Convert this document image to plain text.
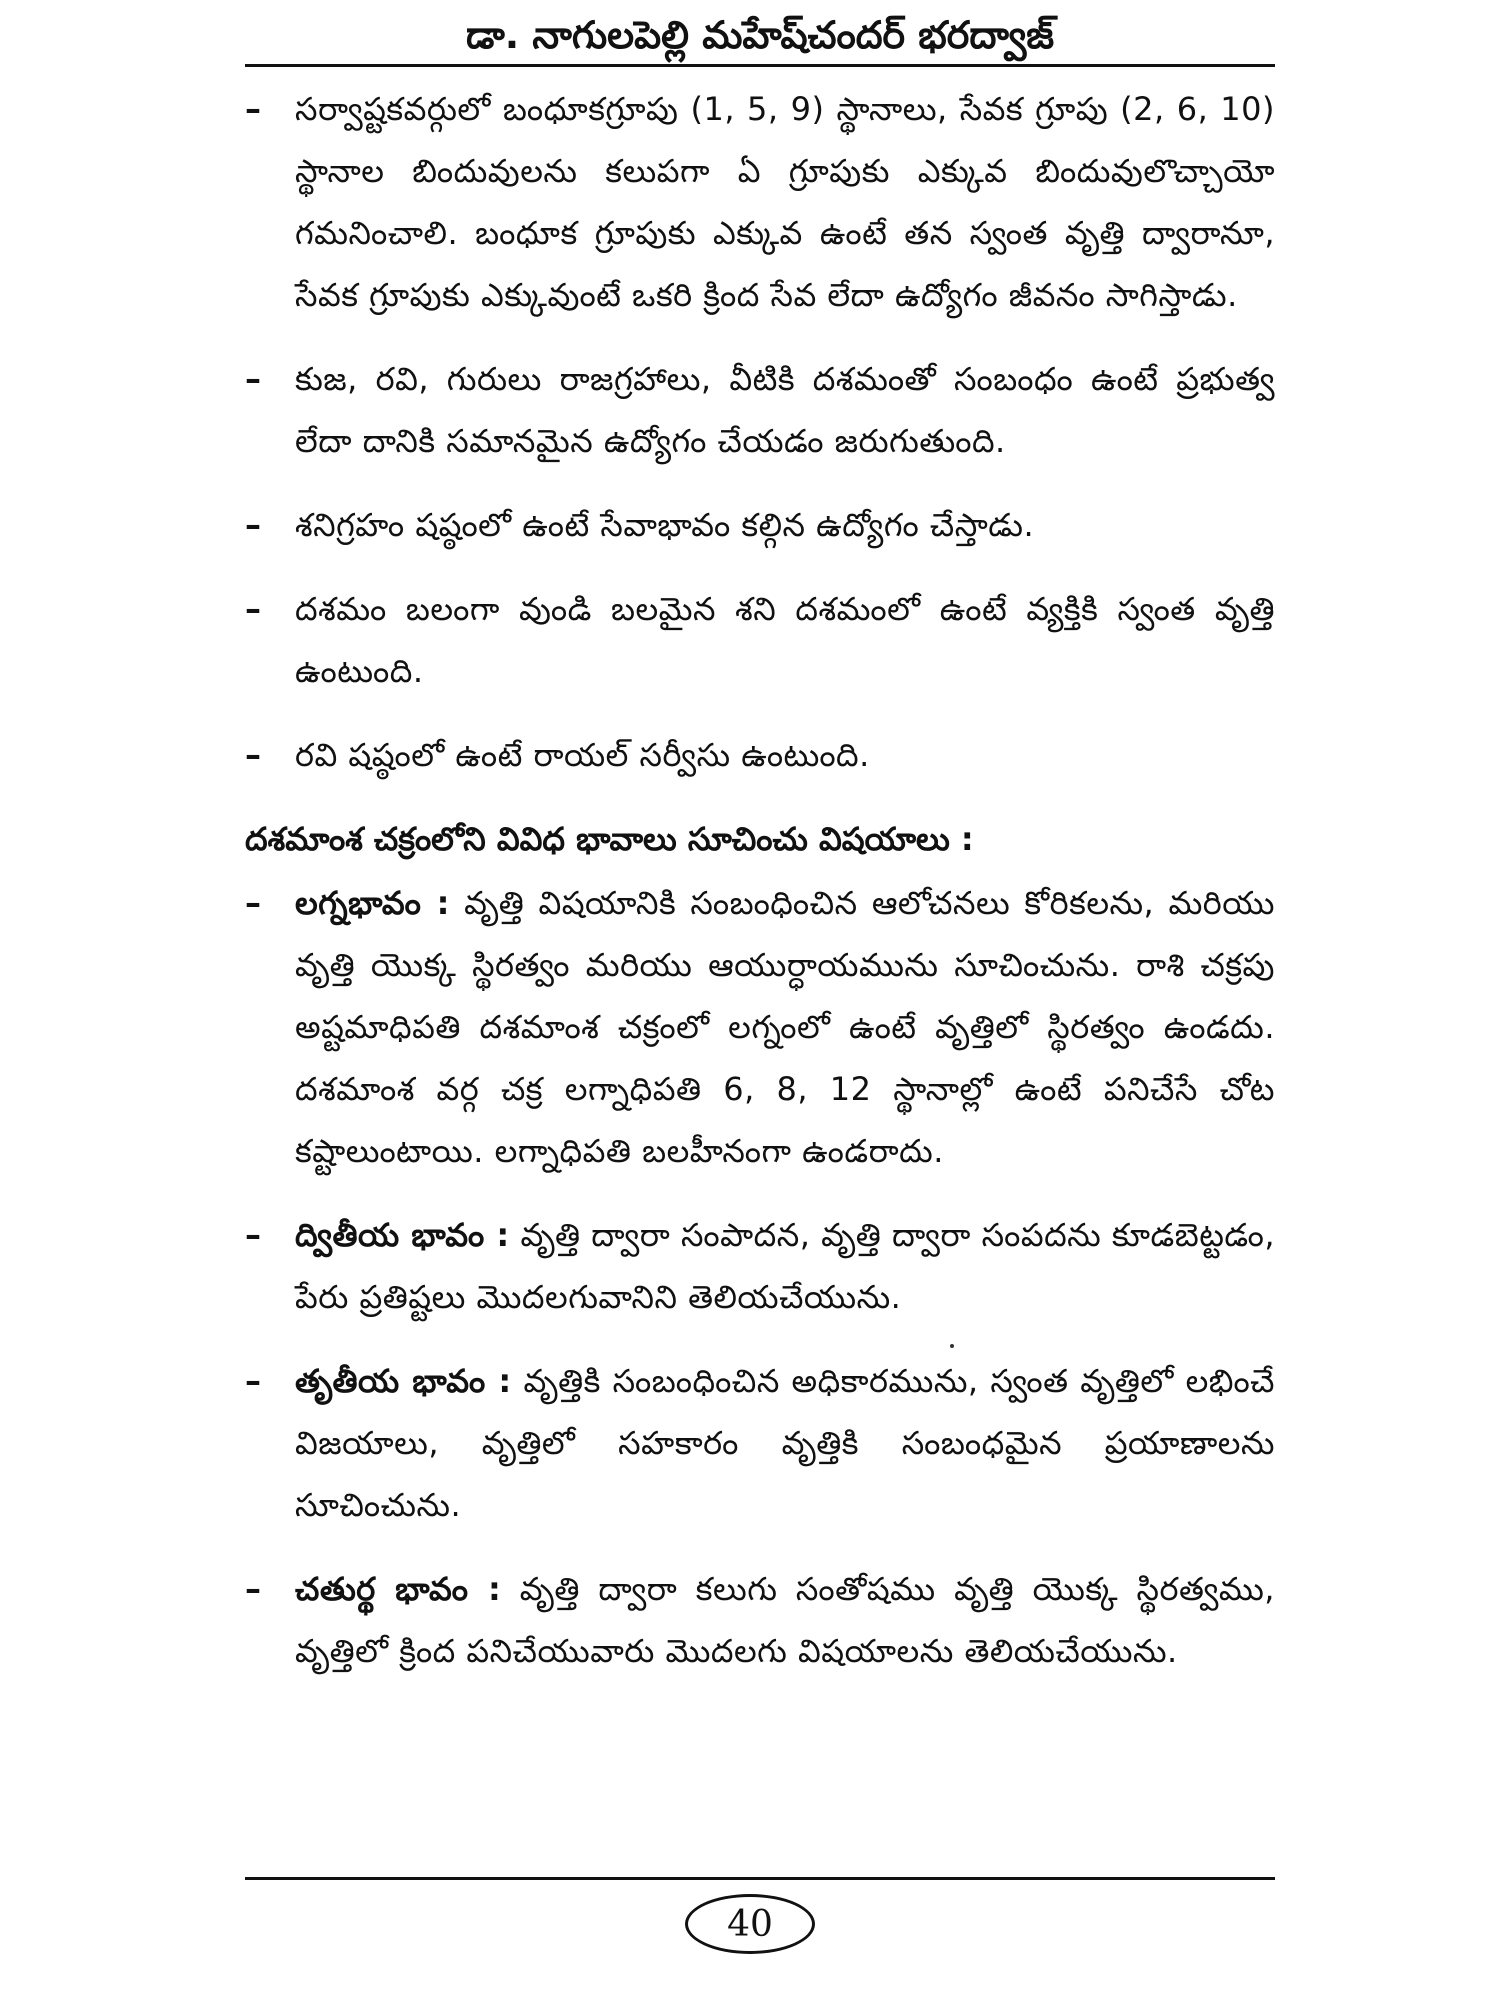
డా. నాగులపెల్లి మహేష్‌చందర్ భరద్వాజ్
– సర్వాష్టకవర్గులో బంధూకగ్రూపు (1, 5, 9) స్థానాలు, సేవక గ్రూపు (2, 6, 10) స్థానాల బిందువులను కలుపగా ఏ గ్రూపుకు ఎక్కువ బిందువులొచ్చాయో గమనించాలి. బంధూక గ్రూపుకు ఎక్కువ ఉంటే తన స్వంత వృత్తి ద్వారానూ, సేవక గ్రూపుకు ఎక్కువుంటే ఒకరి క్రింద సేవ లేదా ఉద్యోగం జీవనం సాగిస్తాడు.
– కుజ, రవి, గురులు రాజగ్రహాలు, వీటికి దశమంతో సంబంధం ఉంటే ప్రభుత్వ లేదా దానికి సమానమైన ఉద్యోగం చేయడం జరుగుతుంది.
– శనిగ్రహం షష్ఠంలో ఉంటే సేవాభావం కల్గిన ఉద్యోగం చేస్తాడు.
– దశమం బలంగా వుండి బలమైన శని దశమంలో ఉంటే వ్యక్తికి స్వంత వృత్తి ఉంటుంది.
– రవి షష్ఠంలో ఉంటే రాయల్ సర్వీసు ఉంటుంది.
దశమాంశ చక్రంలోని వివిధ భావాలు సూచించు విషయాలు :
– లగ్నభావం : వృత్తి విషయానికి సంబంధించిన ఆలోచనలు కోరికలను, మరియు వృత్తి యొక్క స్థిరత్వం మరియు ఆయుర్ధాయమును సూచించును. రాశి చక్రపు అష్టమాధిపతి దశమాంశ చక్రంలో లగ్నంలో ఉంటే వృత్తిలో స్థిరత్వం ఉండదు. దశమాంశ వర్గ చక్ర లగ్నాధిపతి 6, 8, 12 స్థానాల్లో ఉంటే పనిచేసే చోట కష్టాలుంటాయి. లగ్నాధిపతి బలహీనంగా ఉండరాదు.
– ద్వితీయ భావం : వృత్తి ద్వారా సంపాదన, వృత్తి ద్వారా సంపదను కూడబెట్టడం, పేరు ప్రతిష్టలు మొదలగువానిని తెలియచేయును.
– తృతీయ భావం : వృత్తికి సంబంధించిన అధికారమును, స్వంత వృత్తిలో లభించే విజయాలు, వృత్తిలో సహకారం వృత్తికి సంబంధమైన ప్రయాణాలను సూచించును.
– చతుర్థ భావం : వృత్తి ద్వారా కలుగు సంతోషము వృత్తి యొక్క స్థిరత్వము, వృత్తిలో క్రింద పనిచేయువారు మొదలగు విషయాలను తెలియచేయును.
40
